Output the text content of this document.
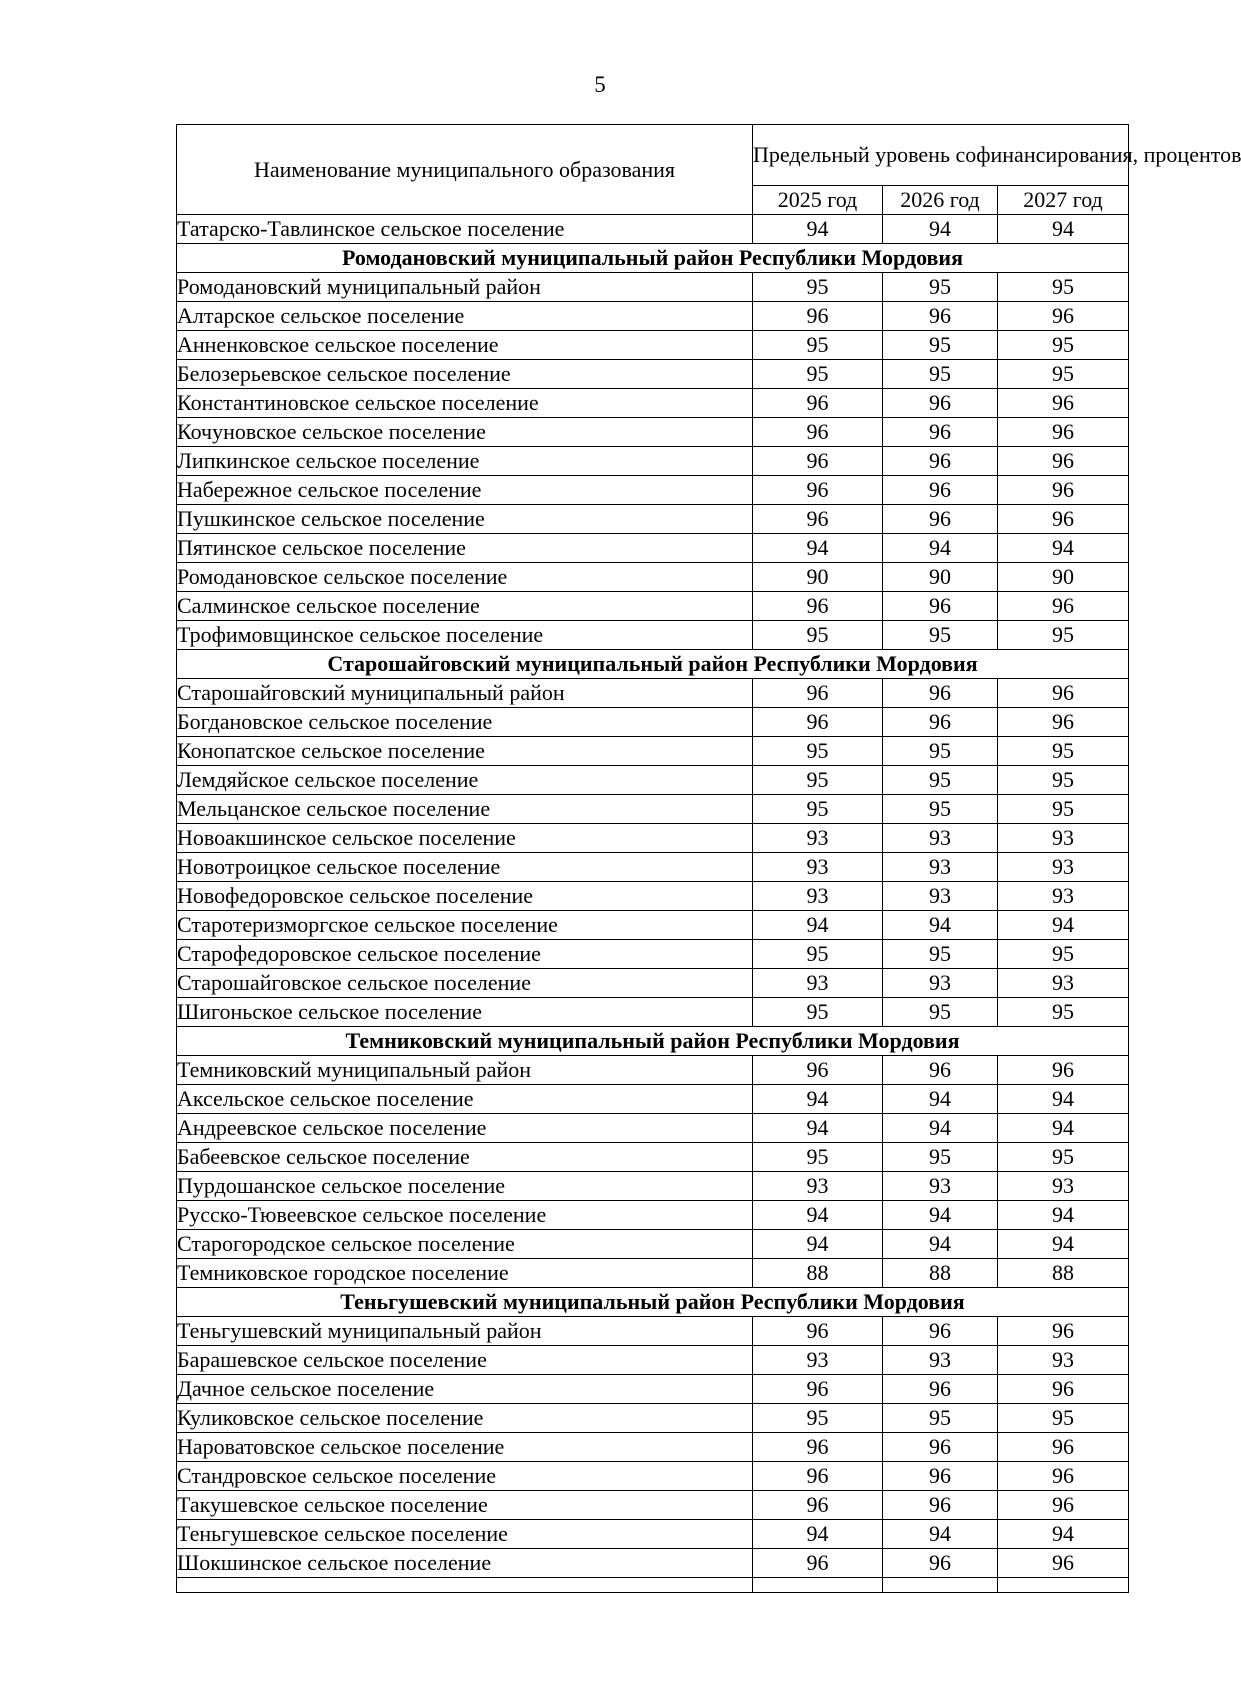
5
Наименование муниципального образования	Предельный уровень софинансирования, процентов		
	2025 год	2026 год	2027 год
Татарско-Тавлинское сельское поселение	94	94	94
Ромодановский муниципальный район Республики Мордовия			
Ромодановский муниципальный район	95	95	95
Алтарское сельское поселение	96	96	96
Анненковское сельское поселение	95	95	95
Белозерьевское сельское поселение	95	95	95
Константиновское сельское поселение	96	96	96
Кочуновское сельское поселение	96	96	96
Липкинское сельское поселение	96	96	96
Набережное сельское поселение	96	96	96
Пушкинское сельское поселение	96	96	96
Пятинское сельское поселение	94	94	94
Ромодановское сельское поселение	90	90	90
Салминское сельское поселение	96	96	96
Трофимовщинское сельское поселение	95	95	95
Старошайговский муниципальный район Республики Мордовия			
Старошайговский муниципальный район	96	96	96
Богдановское сельское поселение	96	96	96
Конопатское сельское поселение	95	95	95
Лемдяйское сельское поселение	95	95	95
Мельцанское сельское поселение	95	95	95
Новоакшинское сельское поселение	93	93	93
Новотроицкое сельское поселение	93	93	93
Новофедоровское сельское поселение	93	93	93
Старотеризморгское сельское поселение	94	94	94
Старофедоровское сельское поселение	95	95	95
Старошайговское сельское поселение	93	93	93
Шигоньское сельское поселение	95	95	95
Темниковский муниципальный район Республики Мордовия			
Темниковский муниципальный район	96	96	96
Аксельское сельское поселение	94	94	94
Андреевское сельское поселение	94	94	94
Бабеевское сельское поселение	95	95	95
Пурдошанское сельское поселение	93	93	93
Русско-Тювеевское сельское поселение	94	94	94
Старогородское сельское поселение	94	94	94
Темниковское городское поселение	88	88	88
Теньгушевский муниципальный район Республики Мордовия			
Теньгушевский муниципальный район	96	96	96
Барашевское сельское поселение	93	93	93
Дачное сельское поселение	96	96	96
Куликовское сельское поселение	95	95	95
Нароватовское сельское поселение	96	96	96
Стандровское сельское поселение	96	96	96
Такушевское сельское поселение	96	96	96
Теньгушевское сельское поселение	94	94	94
Шокшинское сельское поселение	96	96	96
